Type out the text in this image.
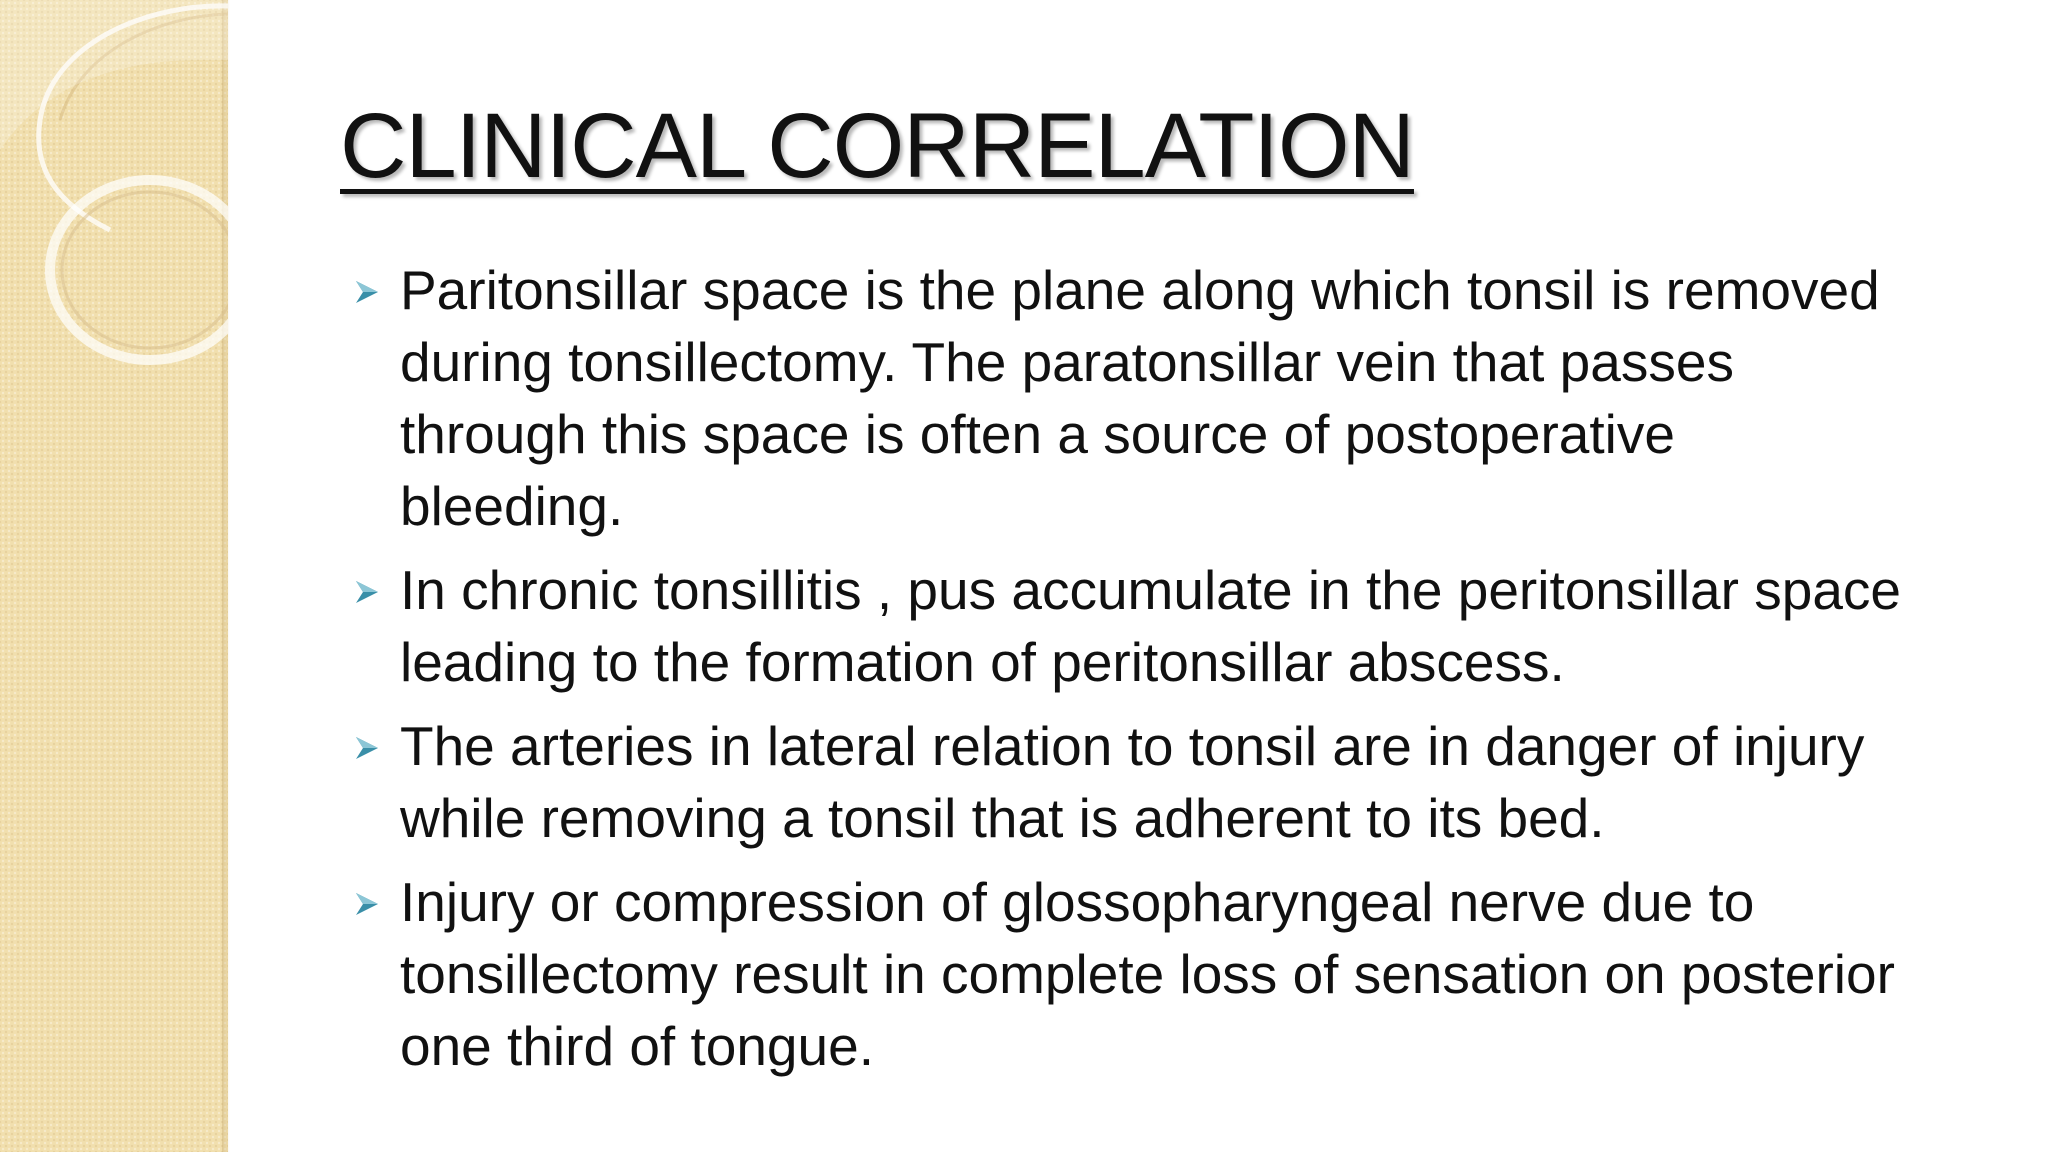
CLINICAL CORRELATION
Paritonsillar space is the plane along which tonsil is removed during tonsillectomy. The paratonsillar vein that passes through this space is often a source of postoperative bleeding.
In chronic tonsillitis , pus accumulate in the peritonsillar space leading to the formation of peritonsillar abscess.
The arteries in lateral relation to tonsil are in danger of injury while removing a tonsil that is adherent to its bed.
Injury or compression of glossopharyngeal nerve due to tonsillectomy result in complete loss of sensation on posterior one third of tongue.
